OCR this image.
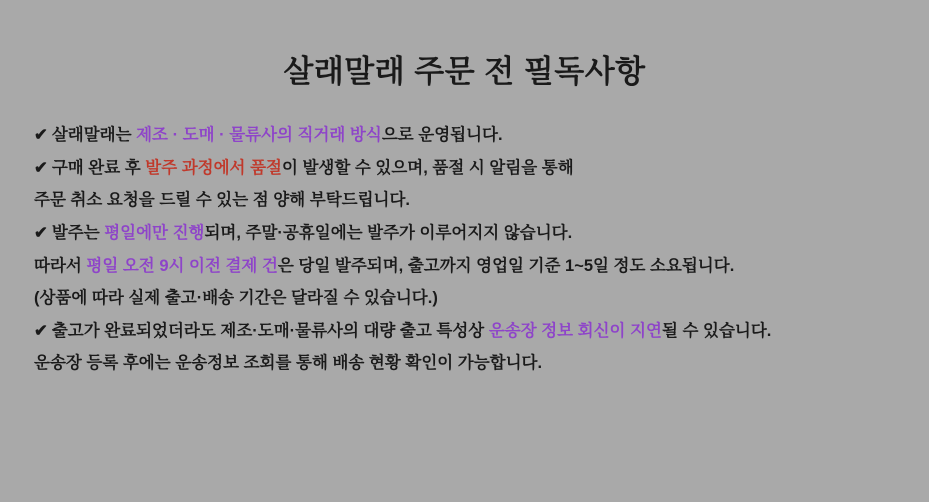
살래말래 주문 전 필독사항
✔ 살래말래는 제조 · 도매 · 물류사의 직거래 방식으로 운영됩니다.
✔ 구매 완료 후 발주 과정에서 품절이 발생할 수 있으며, 품절 시 알림을 통해
주문 취소 요청을 드릴 수 있는 점 양해 부탁드립니다.
✔ 발주는 평일에만 진행되며, 주말·공휴일에는 발주가 이루어지지 않습니다.
따라서 평일 오전 9시 이전 결제 건은 당일 발주되며, 출고까지 영업일 기준 1~5일 정도 소요됩니다.
(상품에 따라 실제 출고·배송 기간은 달라질 수 있습니다.)
✔ 출고가 완료되었더라도 제조·도매·물류사의 대량 출고 특성상 운송장 정보 회신이 지연될 수 있습니다.
운송장 등록 후에는 운송정보 조회를 통해 배송 현황 확인이 가능합니다.
